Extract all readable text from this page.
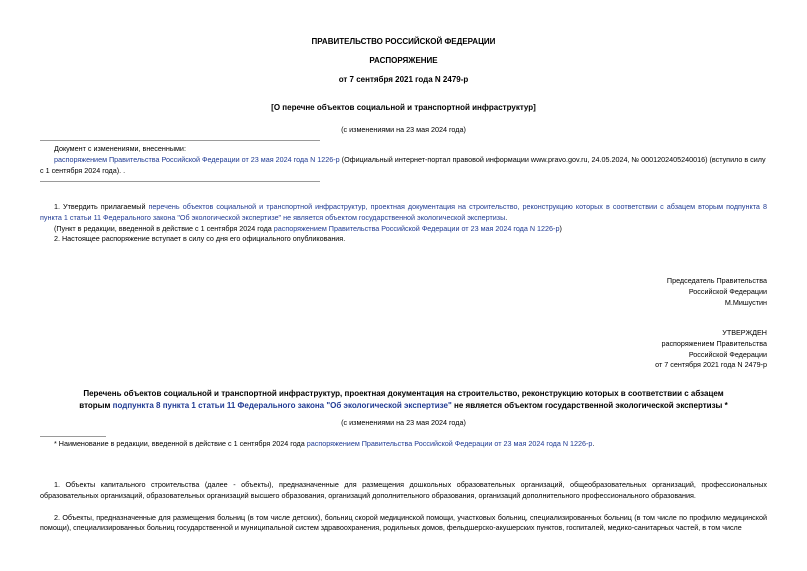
ПРАВИТЕЛЬСТВО РОССИЙСКОЙ ФЕДЕРАЦИИ
РАСПОРЯЖЕНИЕ
от 7 сентября 2021 года N 2479-р
[О перечне объектов социальной и транспортной инфраструктур]
(с изменениями на 23 мая 2024 года)

Документ с изменениями, внесенными:

распоряжением Правительства Российской Федерации от 23 мая 2024 года N 1226-р (Официальный интернет-портал правовой информации www.pravo.gov.ru, 24.05.2024, № 0001202405240016) (вступило в силу

с 1 сентября 2024 года). .

1. Утвердить прилагаемый перечень объектов социальной и транспортной инфраструктур, проектная документация на строительство, реконструкцию которых в соответствии с абзацем вторым подпункта 8 пункта 1 статьи 11 Федерального закона "Об экологической экспертизе" не является объектом государственной экологической экспертизы.

(Пункт в редакции, введенной в действие с 1 сентября 2024 года распоряжением Правительства Российской Федерации от 23 мая 2024 года N 1226-р)

2. Настоящее распоряжение вступает в силу со дня его официального опубликования.

Председатель Правительства
Российской Федерации
М.Мишустин
УТВЕРЖДЕН
распоряжением Правительства
Российской Федерации
от 7 сентября 2021 года N 2479-р
Перечень объектов социальной и транспортной инфраструктур, проектная документация на строительство, реконструкцию которых в соответствии с абзацем
вторым подпункта 8 пункта 1 статьи 11 Федерального закона "Об экологической экспертизе" не является объектом государственной экологической экспертизы *
(с изменениями на 23 мая 2024 года)
* Наименование в редакции, введенной в действие с 1 сентября 2024 года распоряжением Правительства Российской Федерации от 23 мая 2024 года N 1226-р.

1. Объекты капитального строительства (далее - объекты), предназначенные для размещения дошкольных образовательных организаций, общеобразовательных организаций, профессиональных образовательных организаций, образовательных организаций высшего образования, организаций дополнительного образования, организаций дополнительного профессионального образования.

2. Объекты, предназначенные для размещения больниц (в том числе детских), больниц скорой медицинской помощи, участковых больниц, специализированных больниц (в том числе по профилю медицинской помощи), специализированных больниц государственной и муниципальной систем здравоохранения, родильных домов, фельдшерско-акушерских пунктов, госпиталей, медико-санитарных частей, в том числе
